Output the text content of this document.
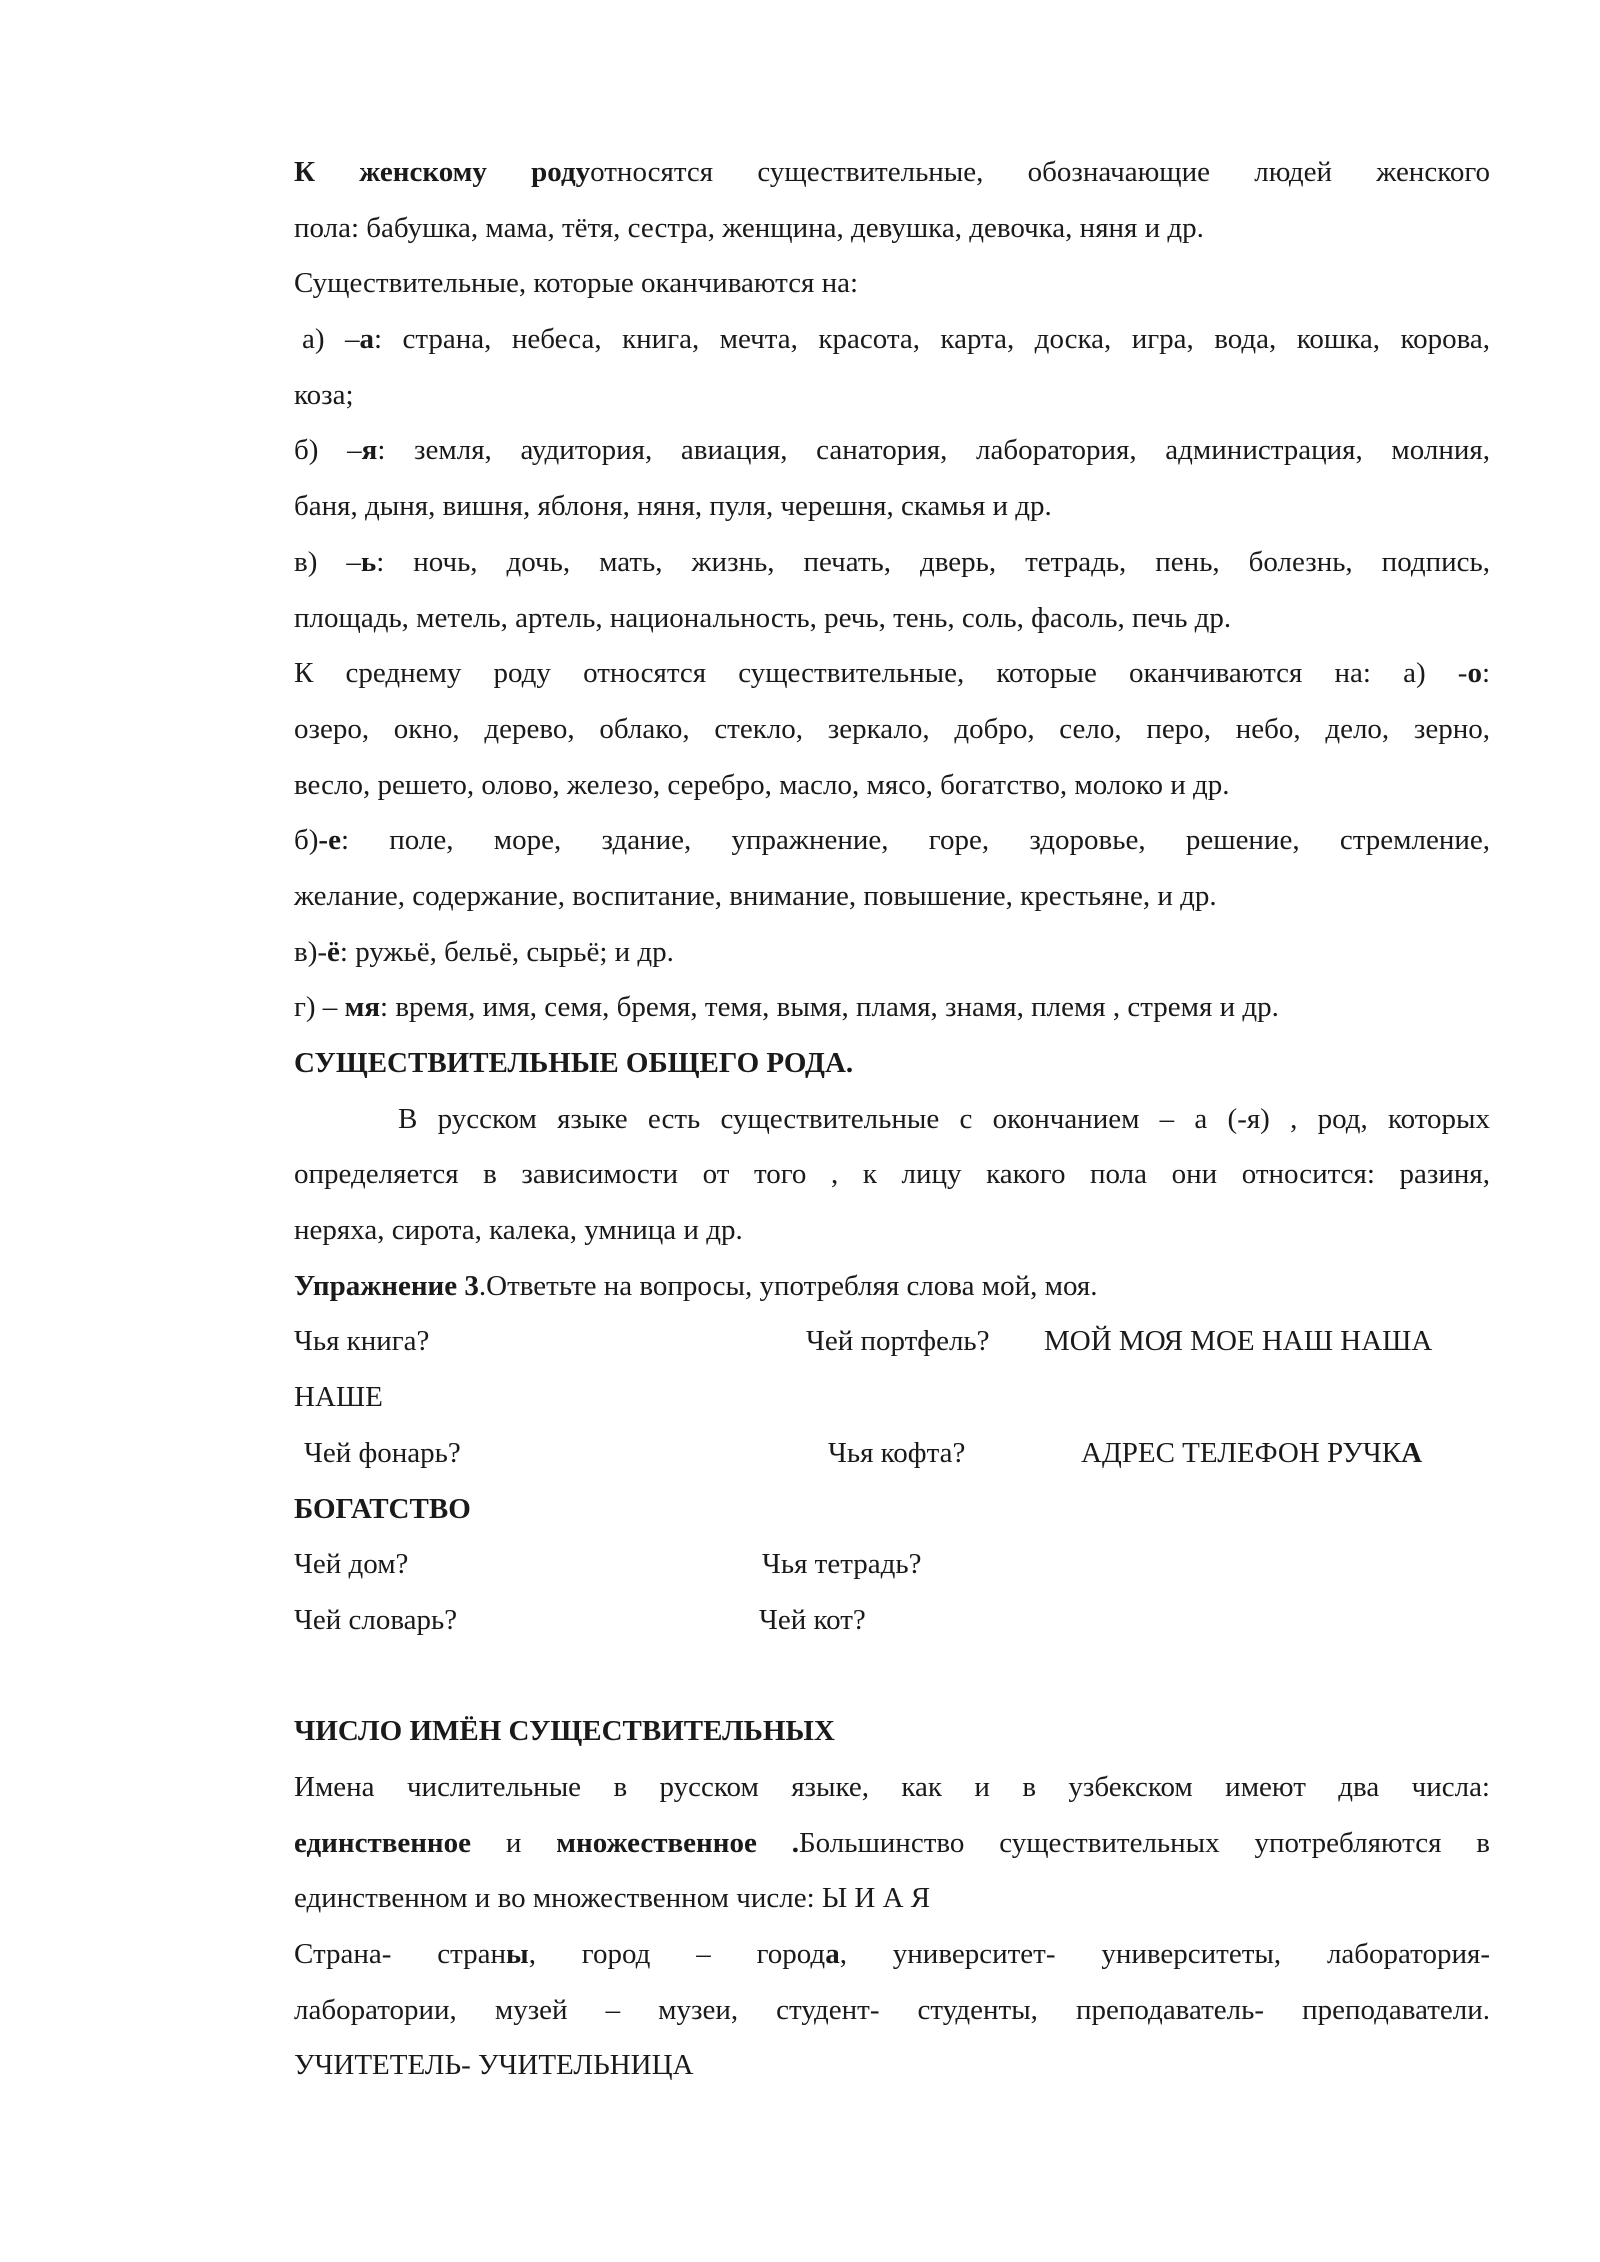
К женскому родуотносятся существительные, обозначающие людей женского
пола: бабушка, мама, тётя, сестра, женщина, девушка, девочка, няня и др.
Существительные, которые оканчиваются на:
а) –а: страна, небеса, книга, мечта, красота, карта, доска, игра, вода, кошка, корова,
коза;
б) –я: земля, аудитория, авиация, санатория, лаборатория, администрация, молния,
баня, дыня, вишня, яблоня, няня, пуля, черешня, скамья и др.
в) –ь: ночь, дочь, мать, жизнь, печать, дверь, тетрадь, пень, болезнь, подпись,
площадь, метель, артель, национальность, речь, тень, соль, фасоль, печь др.
К среднему роду относятся существительные, которые оканчиваются на: а) -о:
озеро, окно, дерево, облако, стекло, зеркало, добро, село, перо, небо, дело, зерно,
весло, решето, олово, железо, серебро, масло, мясо, богатство, молоко и др.
б)-е: поле, море, здание, упражнение, горе, здоровье, решение, стремление,
желание, содержание, воспитание, внимание, повышение, крестьяне, и др.
в)-ё: ружьё, бельё, сырьё; и др.
г) – мя: время, имя, семя, бремя, темя, вымя, пламя, знамя, племя , стремя и др.
СУЩЕСТВИТЕЛЬНЫЕ ОБЩЕГО РОДА.
В русском языке есть существительные с окончанием – а (-я) , род, которых
определяется в зависимости от того , к лицу какого пола они относится: разиня,
неряха, сирота, калека, умница и др.
Упражнение 3.Ответьте на вопросы, употребляя слова мой, моя.
Чья книга?	Чей портфель? МОЙ МОЯ МОЕ НАШ НАША
НАШЕ
Чей фонарь?	Чья кофта?	АДРЕС ТЕЛЕФОН РУЧКА
БОГАТСТВО
Чей дом?	Чья тетрадь?
Чей словарь?	Чей кот?
ЧИСЛО ИМЁН СУЩЕСТВИТЕЛЬНЫХ
Имена числительные в русском языке, как и в узбекском имеют два числа:
единственное и множественное .Большинство существительных употребляются в
единственном и во множественном числе: Ы И А Я
Страна- страны, город – города, университет- университеты, лаборатория-
лаборатории, музей – музеи, студент- студенты, преподаватель- преподаватели.
УЧИТЕТЕЛЬ- УЧИТЕЛЬНИЦА
